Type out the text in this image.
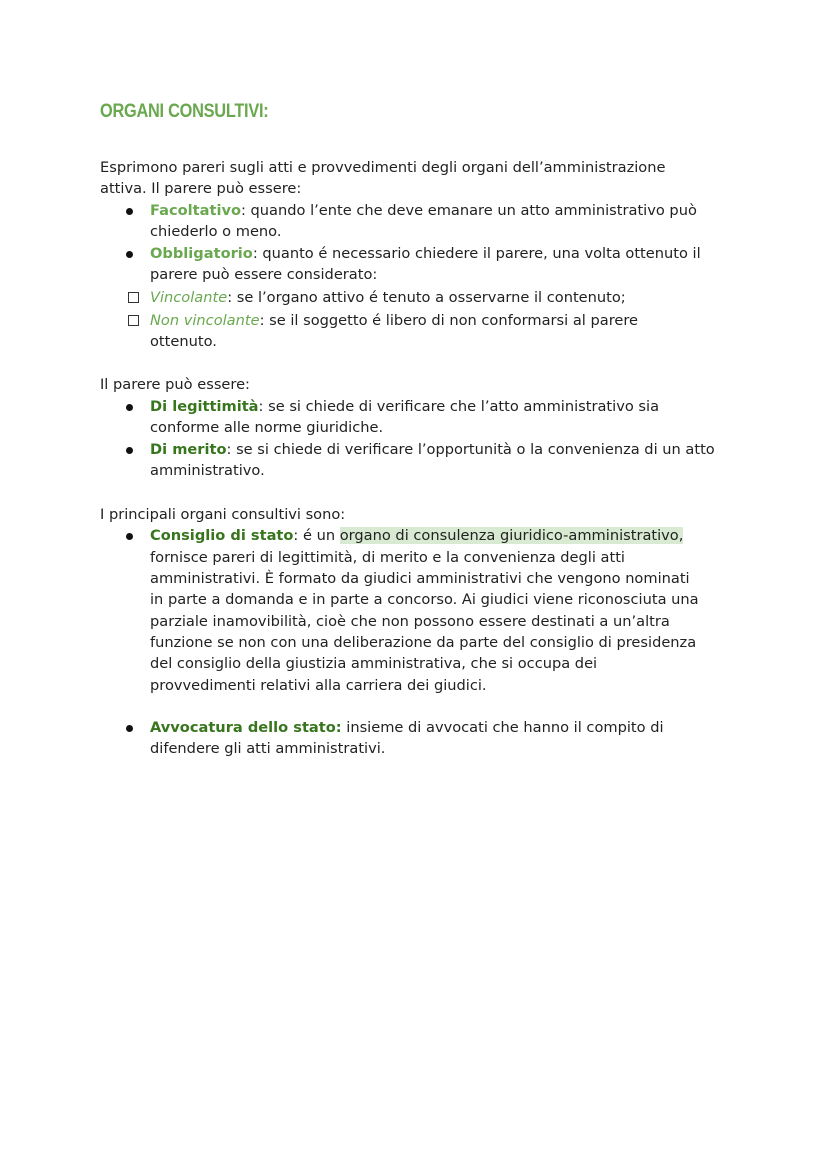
ORGANI CONSULTIVI:
Esprimono pareri sugli atti e provvedimenti degli organi dell’amministrazione
attiva. Il parere può essere:
Facoltativo: quando l’ente che deve emanare un atto amministrativo può
chiederlo o meno.
Obbligatorio: quanto é necessario chiedere il parere, una volta ottenuto il
parere può essere considerato:
Vincolante: se l’organo attivo é tenuto a osservarne il contenuto;
Non vincolante: se il soggetto é libero di non conformarsi al parere
ottenuto.
Il parere può essere:
Di legittimità: se si chiede di verificare che l’atto amministrativo sia
conforme alle norme giuridiche.
Di merito: se si chiede di verificare l’opportunità o la convenienza di un atto
amministrativo.
I principali organi consultivi sono:
Consiglio di stato: é un organo di consulenza giuridico-amministrativo,
fornisce pareri di legittimità, di merito e la convenienza degli atti
amministrativi. È formato da giudici amministrativi che vengono nominati
in parte a domanda e in parte a concorso. Ai giudici viene riconosciuta una
parziale inamovibilità, cioè che non possono essere destinati a un’altra
funzione se non con una deliberazione da parte del consiglio di presidenza
del consiglio della giustizia amministrativa, che si occupa dei
provvedimenti relativi alla carriera dei giudici.
Avvocatura dello stato: insieme di avvocati che hanno il compito di
difendere gli atti amministrativi.
